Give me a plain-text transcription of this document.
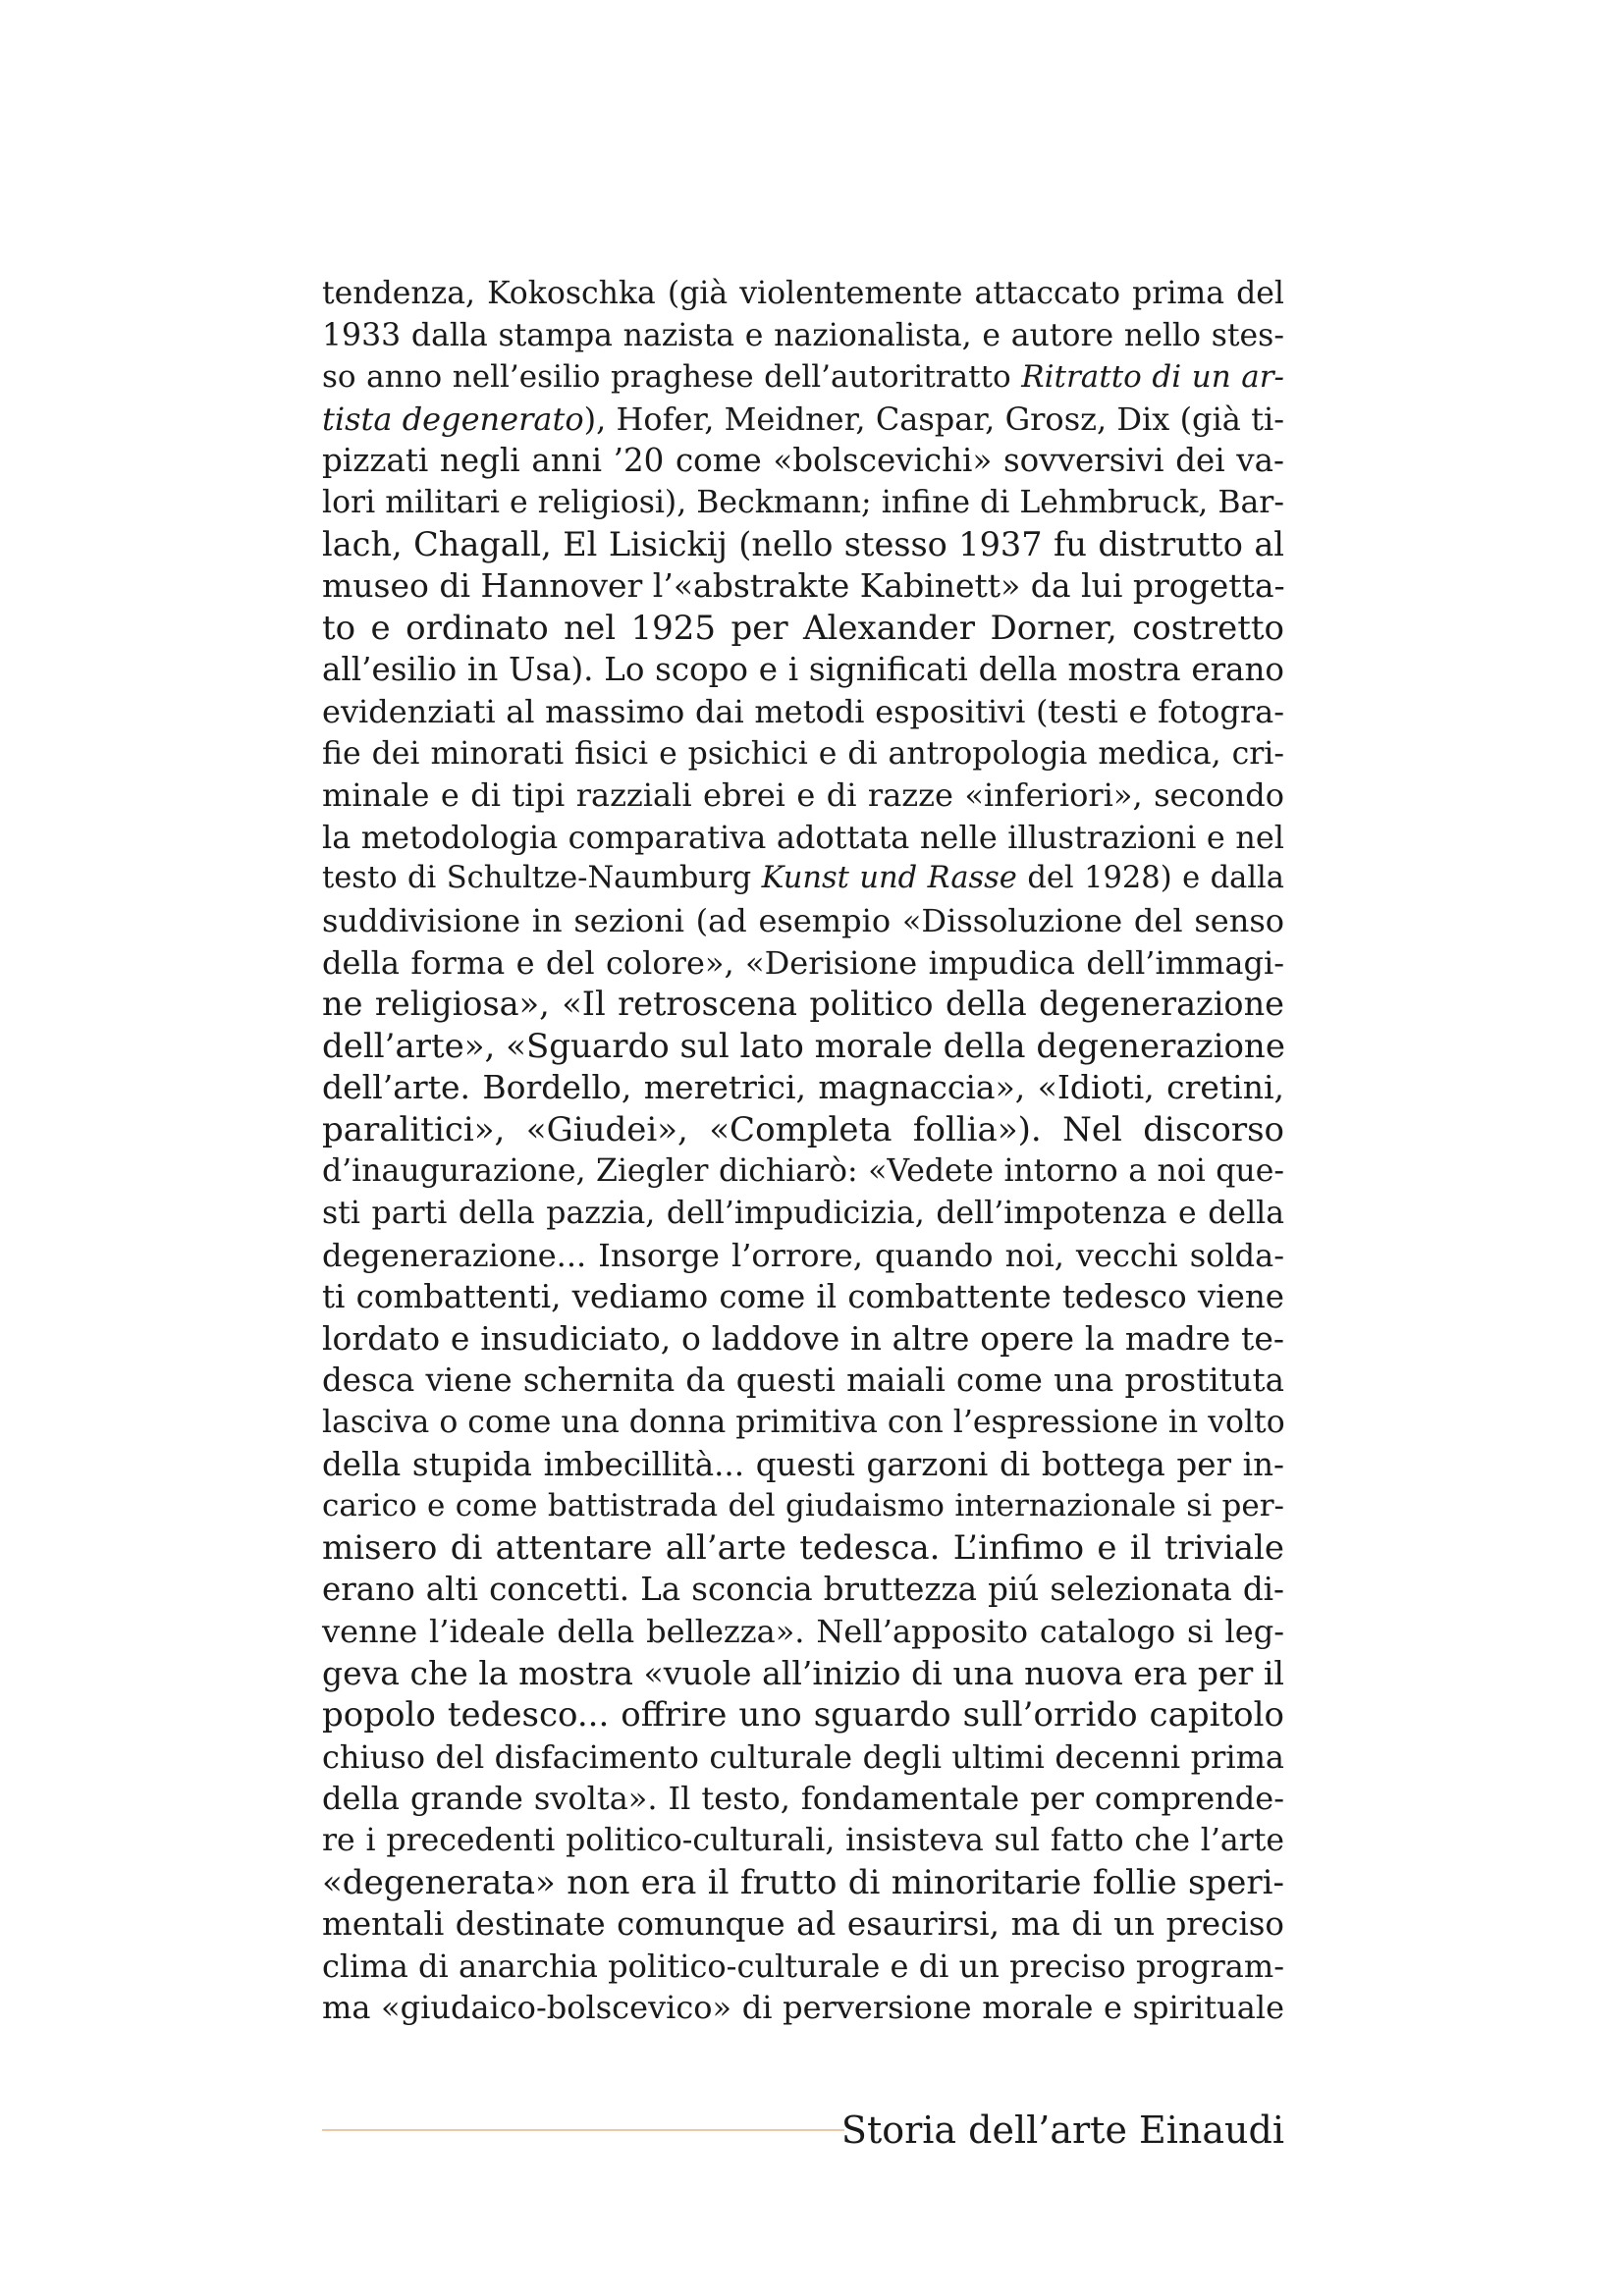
tendenza, Kokoschka (già violentemente attaccato prima del
1933 dalla stampa nazista e nazionalista, e autore nello stes-
so anno nell’esilio praghese dell’autoritratto Ritratto di un ar-
tista degenerato), Hofer, Meidner, Caspar, Grosz, Dix (già ti-
pizzati negli anni ’20 come «bolscevichi» sovversivi dei va-
lori militari e religiosi), Beckmann; infine di Lehmbruck, Bar-
lach, Chagall, El Lisickij (nello stesso 1937 fu distrutto al
museo di Hannover l’«abstrakte Kabinett» da lui progetta-
to e ordinato nel 1925 per Alexander Dorner, costretto
all’esilio in Usa). Lo scopo e i significati della mostra erano
evidenziati al massimo dai metodi espositivi (testi e fotogra-
fie dei minorati fisici e psichici e di antropologia medica, cri-
minale e di tipi razziali ebrei e di razze «inferiori», secondo
la metodologia comparativa adottata nelle illustrazioni e nel
testo di Schultze-Naumburg Kunst und Rasse del 1928) e dalla
suddivisione in sezioni (ad esempio «Dissoluzione del senso
della forma e del colore», «Derisione impudica dell’immagi-
ne religiosa», «Il retroscena politico della degenerazione
dell’arte», «Sguardo sul lato morale della degenerazione
dell’arte. Bordello, meretrici, magnaccia», «Idioti, cretini,
paralitici», «Giudei», «Completa follia»). Nel discorso
d’inaugurazione, Ziegler dichiarò: «Vedete intorno a noi que-
sti parti della pazzia, dell’impudicizia, dell’impotenza e della
degenerazione... Insorge l’orrore, quando noi, vecchi solda-
ti combattenti, vediamo come il combattente tedesco viene
lordato e insudiciato, o laddove in altre opere la madre te-
desca viene schernita da questi maiali come una prostituta
lasciva o come una donna primitiva con l’espressione in volto
della stupida imbecillità... questi garzoni di bottega per in-
carico e come battistrada del giudaismo internazionale si per-
misero di attentare all’arte tedesca. L’infimo e il triviale
erano alti concetti. La sconcia bruttezza piú selezionata di-
venne l’ideale della bellezza». Nell’apposito catalogo si leg-
geva che la mostra «vuole all’inizio di una nuova era per il
popolo tedesco... offrire uno sguardo sull’orrido capitolo
chiuso del disfacimento culturale degli ultimi decenni prima
della grande svolta». Il testo, fondamentale per comprende-
re i precedenti politico-culturali, insisteva sul fatto che l’arte
«degenerata» non era il frutto di minoritarie follie speri-
mentali destinate comunque ad esaurirsi, ma di un preciso
clima di anarchia politico-culturale e di un preciso program-
ma «giudaico-bolscevico» di perversione morale e spirituale
Storia dell’arte Einaudi
